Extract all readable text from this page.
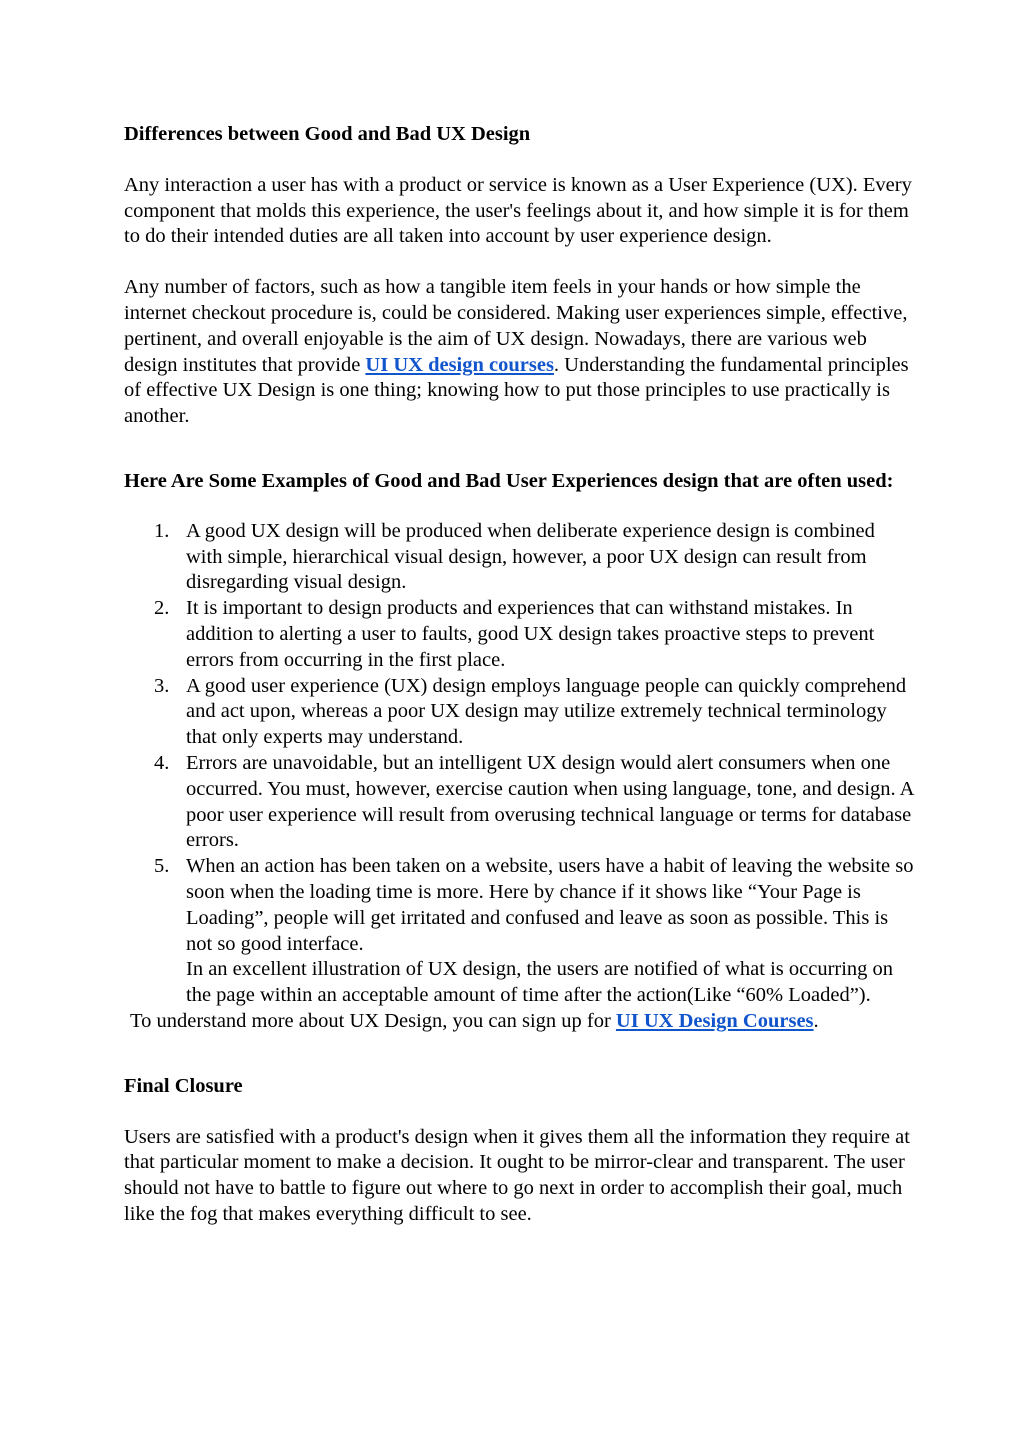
Differences between Good and Bad UX Design

Any interaction a user has with a product or service is known as a User Experience (UX). Every component that molds this experience, the user's feelings about it, and how simple it is for them to do their intended duties are all taken into account by user experience design.

Any number of factors, such as how a tangible item feels in your hands or how simple the internet checkout procedure is, could be considered. Making user experiences simple, effective, pertinent, and overall enjoyable is the aim of UX design. Nowadays, there are various web design institutes that provide UI UX design courses. Understanding the fundamental principles of effective UX Design is one thing; knowing how to put those principles to use practically is another.

Here Are Some Examples of Good and Bad User Experiences design that are often used:
1. A good UX design will be produced when deliberate experience design is combined with simple, hierarchical visual design, however, a poor UX design can result from disregarding visual design.
2. It is important to design products and experiences that can withstand mistakes. In addition to alerting a user to faults, good UX design takes proactive steps to prevent errors from occurring in the first place.
3. A good user experience (UX) design employs language people can quickly comprehend and act upon, whereas a poor UX design may utilize extremely technical terminology that only experts may understand.
4. Errors are unavoidable, but an intelligent UX design would alert consumers when one occurred. You must, however, exercise caution when using language, tone, and design. A poor user experience will result from overusing technical language or terms for database errors.
5. When an action has been taken on a website, users have a habit of leaving the website so soon when the loading time is more. Here by chance if it shows like “Your Page is Loading”, people will get irritated and confused and leave as soon as possible. This is not so good interface.
In an excellent illustration of UX design, the users are notified of what is occurring on the page within an acceptable amount of time after the action(Like “60% Loaded”).

To understand more about UX Design, you can sign up for UI UX Design Courses.

Final Closure

Users are satisfied with a product's design when it gives them all the information they require at that particular moment to make a decision. It ought to be mirror-clear and transparent. The user should not have to battle to figure out where to go next in order to accomplish their goal, much like the fog that makes everything difficult to see.
